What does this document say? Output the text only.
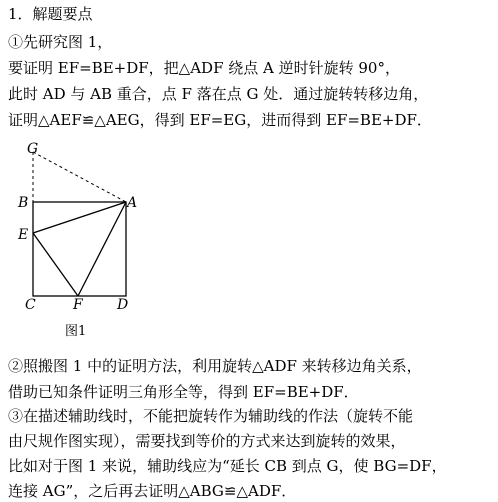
1．解题要点
①先研究图 1，
要证明 EF=BE+DF，把△ADF 绕点 A 逆时针旋转 90°，
此时 AD 与 AB 重合，点 F 落在点 G 处．通过旋转转移边角，
证明△AEF≌△AEG，得到 EF=EG，进而得到 EF=BE+DF．
G
B	A
E
C	F D
图1
②照搬图 1 中的证明方法，利用旋转△ADF 来转移边角关系，
借助已知条件证明三角形全等，得到 EF=BE+DF．
③在描述辅助线时，不能把旋转作为辅助线的作法（旋转不能
由尺规作图实现），需要找到等价的方式来达到旋转的效果，
比如对于图 1 来说，辅助线应为“延长 CB 到点 G，使 BG=DF，
连接 AG”，之后再去证明△ABG≌△ADF．
